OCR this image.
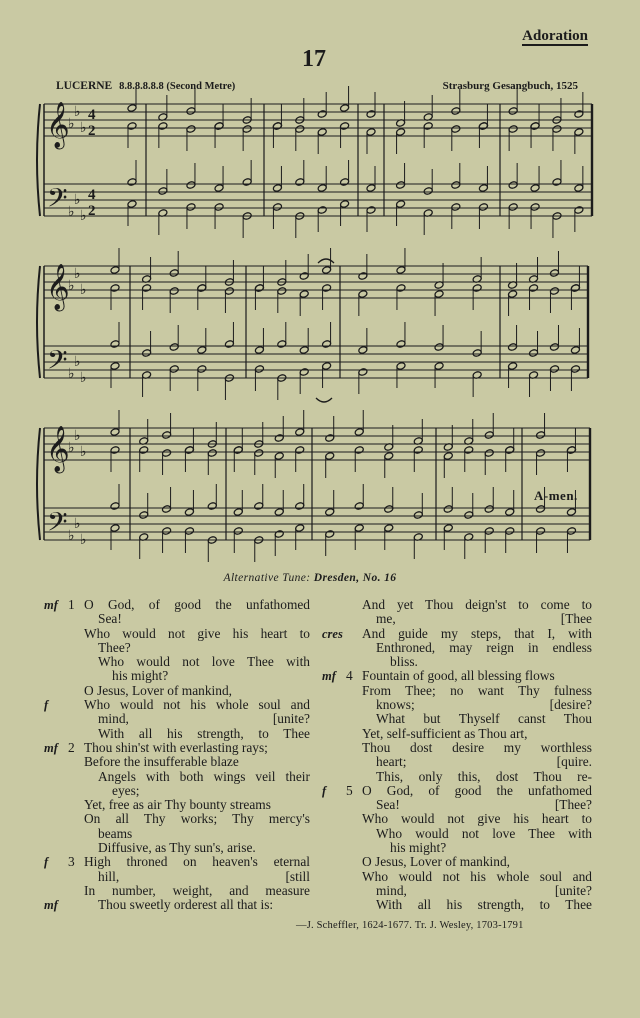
Adoration
17
LUCERNE 8.8.8.8.8.8 (Second Metre)	Strasburg Gesangbuch, 1525
𝄞
𝄢
♭
♭
♭
♭
♭
♭
4
2
4
2
𝄞
𝄢
♭
♭
♭
♭
♭
♭
𝄞
𝄢
♭
♭
♭
♭
♭
♭
A-men.
Alternative Tune: Dresden, No. 16
mf 1 O God, of good the unfathomed
Sea!
Who would not give his heart to
Thee?
Who would not love Thee with
his might?
O Jesus, Lover of mankind,
f	Who would not his whole soul and
mind,	[unite?
With all his strength, to Thee
mf 2 Thou shin'st with everlasting rays;
Before the insufferable blaze
Angels with both wings veil their
eyes;
Yet, free as air Thy bounty streams
On all Thy works; Thy mercy's
beams
Diffusive, as Thy sun's, arise.
f 3 High throned on heaven's eternal
hill,	[still
In number, weight, and measure
mf	Thou sweetly orderest all that is:
And yet Thou deign'st to come to
me,	[Thee
cres And guide my steps, that I, with
Enthroned, may reign in endless
bliss.
mf 4 Fountain of good, all blessing flows
From Thee; no want Thy fulness
knows;	[desire?
What but Thyself canst Thou
Yet, self-sufficient as Thou art,
Thou dost desire my worthless
heart;	[quire.
This, only this, dost Thou re-
f 5 O God, of good the unfathomed
Sea!	[Thee?
Who would not give his heart to
Who would not love Thee with
his might?
O Jesus, Lover of mankind,
Who would not his whole soul and
mind,	[unite?
With all his strength, to Thee
—J. Scheffler, 1624-1677. Tr. J. Wesley, 1703-1791
